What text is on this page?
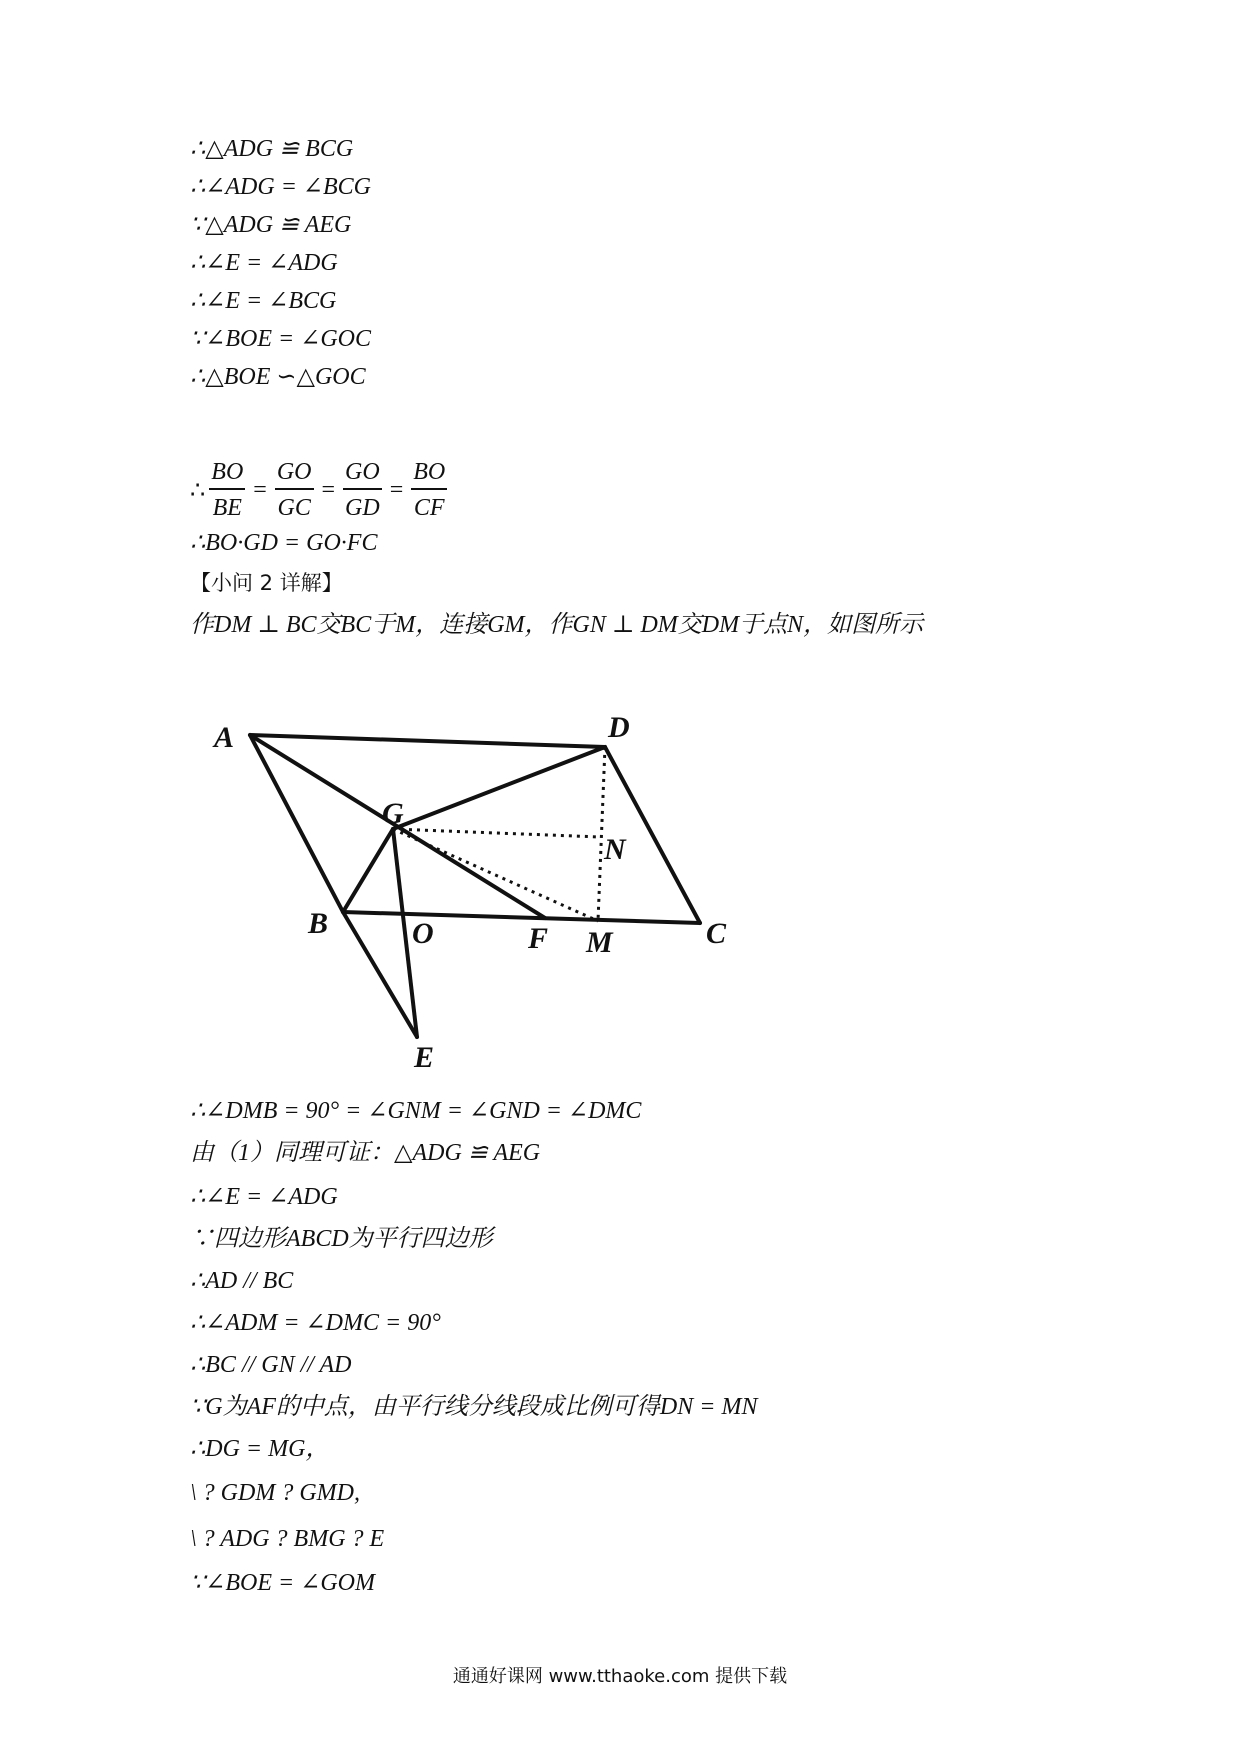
∴△ADG ≌ BCG
∴∠ADG = ∠BCG
∵△ADG ≌ AEG
∴∠E = ∠ADG
∴∠E = ∠BCG
∵∠BOE = ∠GOC
∴△BOE ∽△GOC
∴ $\frac{BO}{BE} = \frac{GO}{GC} = \frac{GO}{GD} = \frac{BO}{CF}$
∴BO·GD = GO·FC
【小问 2 详解】
作DM ⊥ BC交BC于M，连接GM，作GN ⊥ DM交DM于点N，如图所示
A	D
G
N
B	O	F M	C
E
∴∠DMB = 90° = ∠GNM = ∠GND = ∠DMC
由（1）同理可证：△ADG ≌ AEG
∴∠E = ∠ADG
∵四边形ABCD为平行四边形
∴AD // BC
∴∠ADM = ∠DMC = 90°
∴BC // GN // AD
∵G为AF的中点，由平行线分线段成比例可得DN = MN
∴DG = MG，
\ ? GDM ? GMD,
\ ? ADG ? BMG ? E
∵∠BOE = ∠GOM
通通好课网 www.tthaoke.com 提供下载
